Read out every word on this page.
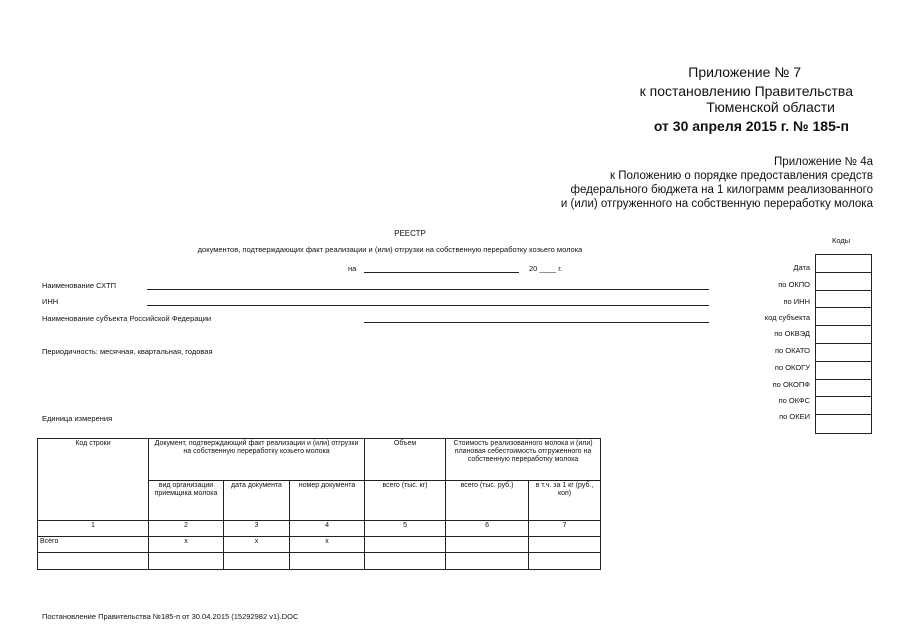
Приложение № 7
к постановлению Правительства
Тюменской области
от 30 апреля 2015 г. № 185-п
Приложение № 4а
к Положению о порядке предоставления средств
федерального бюджета на 1 килограмм реализованного
и (или) отгруженного на собственную переработку молока
РЕЕСТР
документов, подтверждающих факт реализации и (или) отгрузки на собственную переработку козьего молока
на	20 ____ г.
Коды
Наименование СХТП
ИНН
Наименование субъекта Российской Федерации
Периодичность: месячная, квартальная, годовая
Единица измерения
Дата
по ОКПО
по ИНН
код субъекта
по ОКВЭД
по ОКАТО
по ОКОГУ
по ОКОПФ
по ОКФС
по ОКЕИ
Код строки	Документ, подтверждающий факт реализации и (или) отгрузки на собственную переработку козьего молока			Объем	Стоимость реализованного молока и (или) плановая себестоимость отгруженного на собственную переработку молока	
	вид организации приемщика молока	дата документа	номер документа	всего (тыс. кг)	всего (тыс. руб.)	в т.ч. за 1 кг (руб., коп)
1	2	3	4	5	6	7
Всего	x	x	x			

Постановление Правительства №185-п от 30.04.2015 (15292982 v1).DOC
